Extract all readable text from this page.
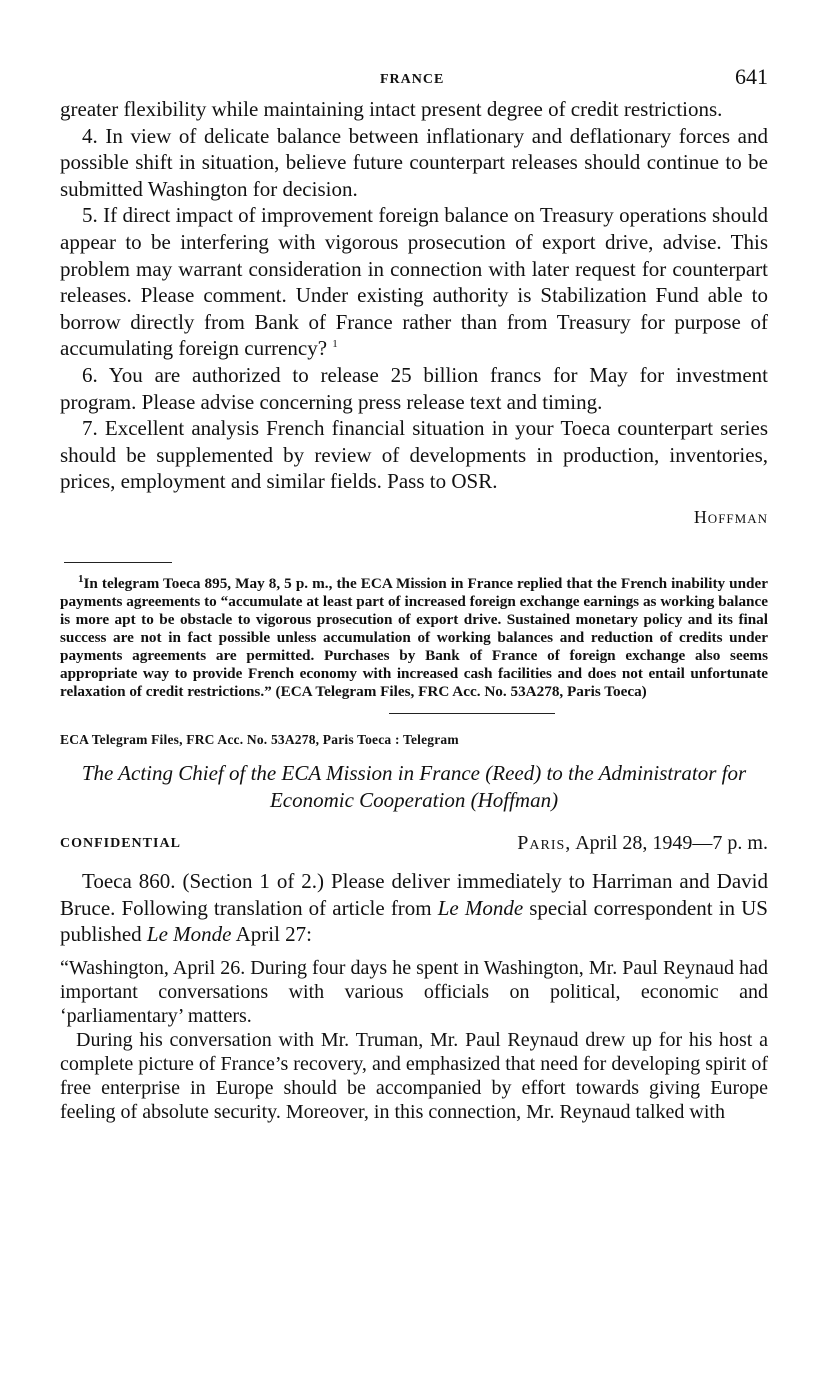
FRANCE	641

greater flexibility while maintaining intact present degree of credit restrictions.

4. In view of delicate balance between inflationary and deflationary forces and possible shift in situation, believe future counterpart releases should continue to be submitted Washington for decision.

5. If direct impact of improvement foreign balance on Treasury operations should appear to be interfering with vigorous prosecution of export drive, advise. This problem may warrant consideration in connection with later request for counterpart releases. Please comment. Under existing authority is Stabilization Fund able to borrow directly from Bank of France rather than from Treasury for purpose of accumulating foreign currency? $^1$

6. You are authorized to release 25 billion francs for May for investment program. Please advise concerning press release text and timing.

7. Excellent analysis French financial situation in your Toeca counterpart series should be supplemented by review of developments in production, inventories, prices, employment and similar fields. Pass to OSR.

Hoffman
$^1$In telegram Toeca 895, May 8, 5 p. m., the ECA Mission in France replied that the French inability under payments agreements to “accumulate at least part of increased foreign exchange earnings as working balance is more apt to be obstacle to vigorous prosecution of export drive. Sustained monetary policy and its final success are not in fact possible unless accumulation of working balances and reduction of credits under payments agreements are permitted. Purchases by Bank of France of foreign exchange also seems appropriate way to provide French economy with increased cash facilities and does not entail unfortunate relaxation of credit restrictions.” (ECA Telegram Files, FRC Acc. No. 53A278, Paris Toeca)
ECA Telegram Files, FRC Acc. No. 53A278, Paris Toeca : Telegram
The Acting Chief of the ECA Mission in France (Reed) to the Administrator for Economic Cooperation (Hoffman)
CONFIDENTIAL	Paris, April 28, 1949—7 p. m.

Toeca 860. (Section 1 of 2.) Please deliver immediately to Harriman and David Bruce. Following translation of article from Le Monde special correspondent in US published Le Monde April 27:

“Washington, April 26. During four days he spent in Washington, Mr. Paul Reynaud had important conversations with various officials on political, economic and ‘parliamentary’ matters.

During his conversation with Mr. Truman, Mr. Paul Reynaud drew up for his host a complete picture of France’s recovery, and emphasized that need for developing spirit of free enterprise in Europe should be accompanied by effort towards giving Europe feeling of absolute security. Moreover, in this connection, Mr. Reynaud talked with
